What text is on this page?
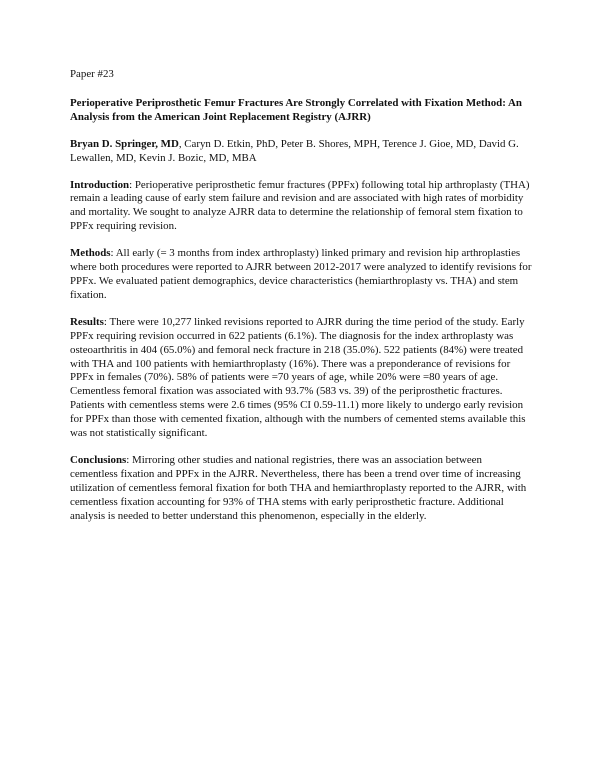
Paper #23

Perioperative Periprosthetic Femur Fractures Are Strongly Correlated with Fixation Method: An Analysis from the American Joint Replacement Registry (AJRR)

Bryan D. Springer, MD, Caryn D. Etkin, PhD, Peter B. Shores, MPH, Terence J. Gioe, MD, David G. Lewallen, MD, Kevin J. Bozic, MD, MBA

Introduction: Perioperative periprosthetic femur fractures (PPFx) following total hip arthroplasty (THA) remain a leading cause of early stem failure and revision and are associated with high rates of morbidity and mortality. We sought to analyze AJRR data to determine the relationship of femoral stem fixation to PPFx requiring revision.

Methods: All early (= 3 months from index arthroplasty) linked primary and revision hip arthroplasties where both procedures were reported to AJRR between 2012-2017 were analyzed to identify revisions for PPFx. We evaluated patient demographics, device characteristics (hemiarthroplasty vs. THA) and stem fixation.

Results: There were 10,277 linked revisions reported to AJRR during the time period of the study. Early PPFx requiring revision occurred in 622 patients (6.1%). The diagnosis for the index arthroplasty was osteoarthritis in 404 (65.0%) and femoral neck fracture in 218 (35.0%). 522 patients (84%) were treated with THA and 100 patients with hemiarthroplasty (16%). There was a preponderance of revisions for PPFx in females (70%). 58% of patients were =70 years of age, while 20% were =80 years of age. Cementless femoral fixation was associated with 93.7% (583 vs. 39) of the periprosthetic fractures. Patients with cementless stems were 2.6 times (95% CI 0.59-11.1) more likely to undergo early revision for PPFx than those with cemented fixation, although with the numbers of cemented stems available this was not statistically significant.

Conclusions: Mirroring other studies and national registries, there was an association between cementless fixation and PPFx in the AJRR. Nevertheless, there has been a trend over time of increasing utilization of cementless femoral fixation for both THA and hemiarthroplasty reported to the AJRR, with cementless fixation accounting for 93% of THA stems with early periprosthetic fracture. Additional analysis is needed to better understand this phenomenon, especially in the elderly.
